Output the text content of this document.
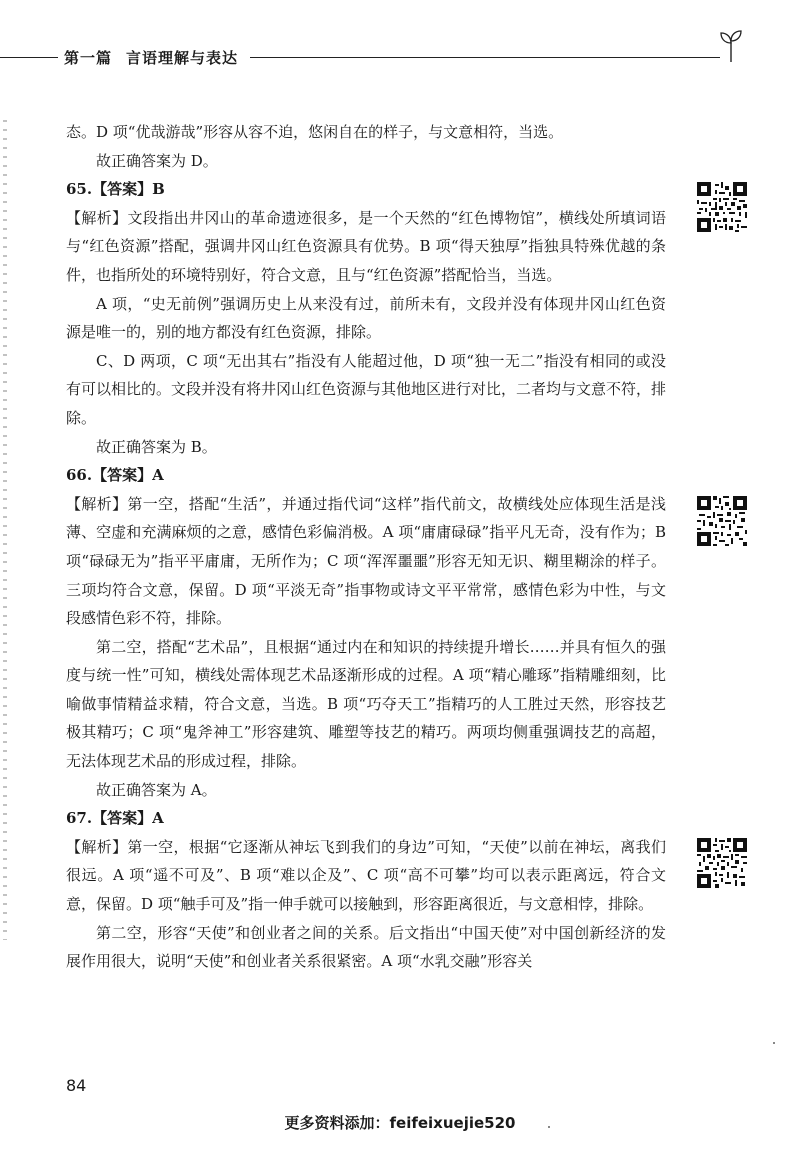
第一篇 言语理解与表达

态。D 项“优哉游哉”形容从容不迫，悠闲自在的样子，与文意相符，当选。

故正确答案为 D。

65.【答案】B

【解析】文段指出井冈山的革命遗迹很多，是一个天然的“红色博物馆”，横线处所填词语与“红色资源”搭配，强调井冈山红色资源具有优势。B 项“得天独厚”指独具特殊优越的条件，也指所处的环境特别好，符合文意，且与“红色资源”搭配恰当，当选。

A 项，“史无前例”强调历史上从来没有过，前所未有，文段并没有体现井冈山红色资源是唯一的，别的地方都没有红色资源，排除。

C、D 两项，C 项“无出其右”指没有人能超过他，D 项“独一无二”指没有相同的或没有可以相比的。文段并没有将井冈山红色资源与其他地区进行对比，二者均与文意不符，排除。

故正确答案为 B。

66.【答案】A

【解析】第一空，搭配“生活”，并通过指代词“这样”指代前文，故横线处应体现生活是浅薄、空虚和充满麻烦的之意，感情色彩偏消极。A 项“庸庸碌碌”指平凡无奇，没有作为；B 项“碌碌无为”指平平庸庸，无所作为；C 项“浑浑噩噩”形容无知无识、糊里糊涂的样子。三项均符合文意，保留。D 项“平淡无奇”指事物或诗文平平常常，感情色彩为中性，与文段感情色彩不符，排除。

第二空，搭配“艺术品”，且根据“通过内在和知识的持续提升增长……并具有恒久的强度与统一性”可知，横线处需体现艺术品逐渐形成的过程。A 项“精心雕琢”指精雕细刻，比喻做事情精益求精，符合文意，当选。B 项“巧夺天工”指精巧的人工胜过天然，形容技艺极其精巧；C 项“鬼斧神工”形容建筑、雕塑等技艺的精巧。两项均侧重强调技艺的高超，无法体现艺术品的形成过程，排除。

故正确答案为 A。

67.【答案】A

【解析】第一空，根据“它逐渐从神坛飞到我们的身边”可知，“天使”以前在神坛，离我们很远。A 项“遥不可及”、B 项“难以企及”、C 项“高不可攀”均可以表示距离远，符合文意，保留。D 项“触手可及”指一伸手就可以接触到，形容距离很近，与文意相悖，排除。

第二空，形容“天使”和创业者之间的关系。后文指出“中国天使”对中国创新经济的发展作用很大，说明“天使”和创业者关系很紧密。A 项“水乳交融”形容关

84
更多资料添加：feifeixuejie520
